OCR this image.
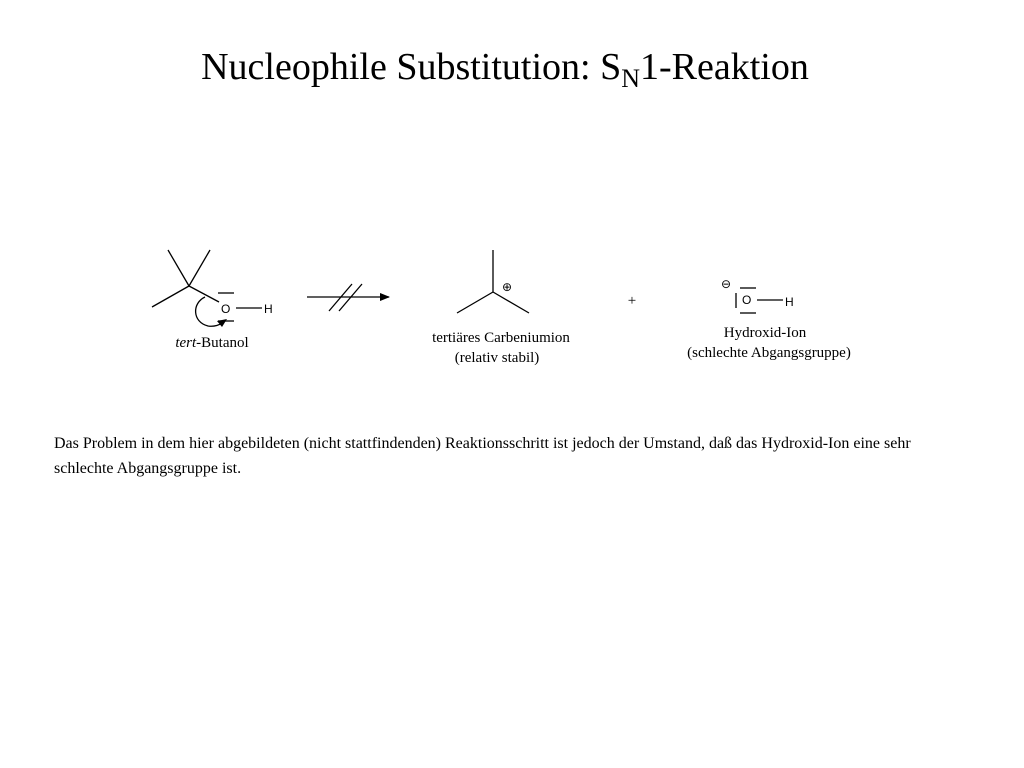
Nucleophile Substitution: $S_N1$-Reaktion
O	H
tert-Butanol
⊕
tertiäres Carbeniumion
(relativ stabil)
+
⊖
O	H
Hydroxid-Ion
(schlechte Abgangsgruppe)
Das Problem in dem hier abgebildeten (nicht stattfindenden) Reaktionsschritt ist jedoch der Umstand, daß das Hydroxid-Ion eine sehr schlechte Abgangsgruppe ist.
